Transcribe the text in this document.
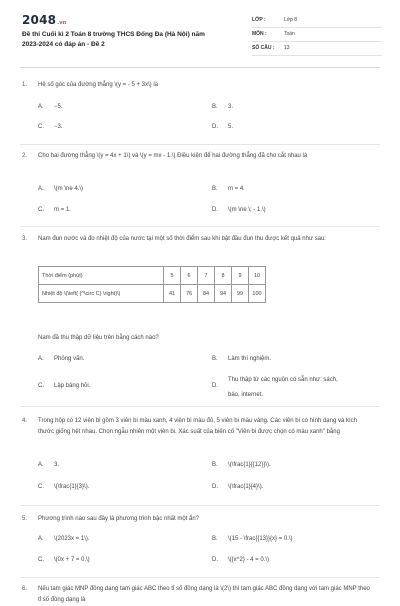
2048.vn
Đề thi Cuối kì 2 Toán 8 trường THCS Đống Đa (Hà Nội) năm
2023-2024 có đáp án - Đề 2
LỚP :	Lớp 8
MÔN :	Toán
SỐ CÂU : 13
1. Hệ số góc của đường thẳng \(y = - 5 + 3x\) là
A. −5.	B. 3.
C. −3.	D. 5.
2. Cho hai đường thẳng \(y = 4x + 1\) và \(y = mx - 1.\) Điều kiện để hai đường thẳng đã cho cắt nhau là
A. \(m \ne 4.\)	B. m = 4.
C. m = 1.	D. \(m \ne \; - 1.\)
3. Nam đun nước và đo nhiệt độ của nước tại một số thời điểm sau khi bật đầu đun thu được kết quả như sau:
Thời điểm (phút)	5	6	7	8	9	10
Nhiệt độ \(\left( {^\circ C} \right)\)	41	76	84	94	99	100
Nam đã thu thập dữ liệu trên bằng cách nào?
A. Phỏng vấn.	B. Làm thí nghiệm.
C. Lập bảng hỏi.	D.
Thu thập từ các nguồn có sẵn như: sách,
báo, internet.
4. Trong hộp có 12 viên bi gồm 3 viên bi màu xanh, 4 viên bi màu đỏ, 5 viên bi màu vàng. Các viên bi có hình dạng và kích thước giống hệt nhau. Chọn ngẫu nhiên một viên bi. Xác suất của biến cố "Viên bi được chọn có màu xanh" bằng
A. 3.	B. \(\frac{1}{{12}}\).
C. \(\frac{1}{3}\).	D. \(\frac{1}{4}\).
5. Phương trình nào sau đây là phương trình bậc nhất một ẩn?
A. \(2023x = 1\).	B. \(15 - \frac{{13}}{x} = 0.\)
C. \(0x + 7 = 0.\)	D. \({x^2} - 4 = 0.\)
6. Nếu tam giác MNP đồng dạng tam giác ABC theo tỉ số đồng dạng là \(2\) thì tam giác ABC đồng dạng với tam giác MNP theo tỉ số đồng dạng là
